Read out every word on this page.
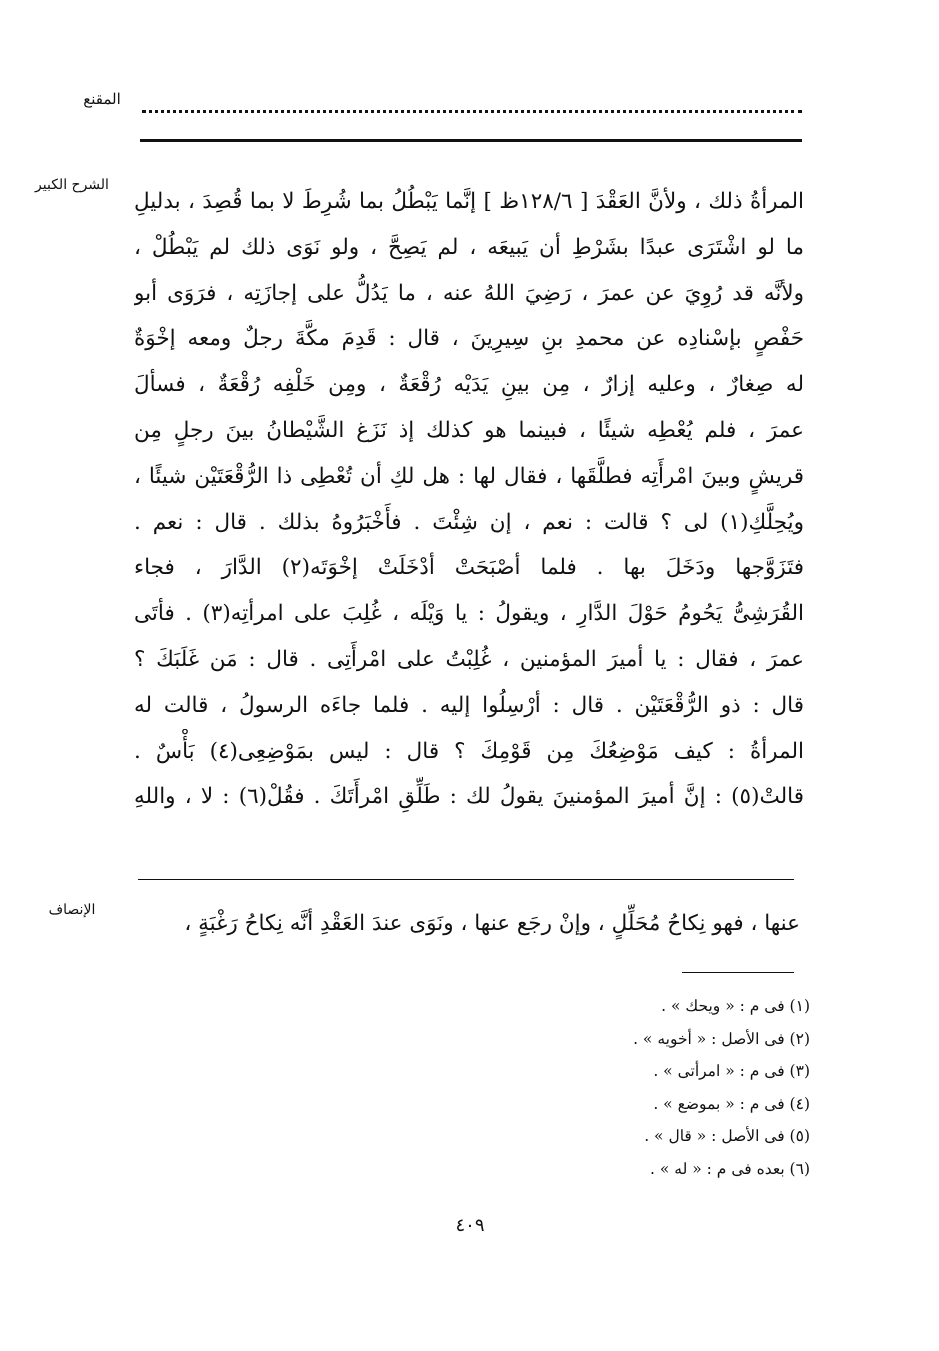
المقنع
الشرح الكبير
المرأةُ ذلك ، ولأنَّ العَقْدَ [ ١٢٨/٦ظ ] إنَّما يَبْطُلُ بما شُرِطَ لا بما قُصِدَ ، بدليلِ
ما لو اشْتَرَى عبدًا بشَرْطِ أن يَبيعَه ، لم يَصِحَّ ، ولو نَوَى ذلك لم يَبْطُلْ ،
ولأنَّه قد رُوِيَ عن عمرَ ، رَضِيَ اللهُ عنه ، ما يَدُلُّ على إجازَتِه ، فرَوَى أبو
حَفْصٍ بإسْنادِه عن محمدِ بنِ سِيرِينَ ، قال : قَدِمَ مكَّةَ رجلٌ ومعه إخْوَةٌ
له صِغارٌ ، وعليه إزارٌ ، مِن بينِ يَدَيْه رُقْعَةٌ ، ومِن خَلْفِه رُقْعَةٌ ، فسألَ
عمرَ ، فلم يُعْطِه شيئًا ، فبينما هو كذلك إذ نَزَغ الشَّيْطانُ بينَ رجلٍ مِن
قريشٍ وبينَ امْرأَتِه فطلَّقَها ، فقال لها : هل لكِ أن تُعْطِى ذا الرُّقْعَتَيْن شيئًا ،
ويُحِلَّكِ(١) لى ؟ قالت : نعم ، إن شِئْتَ . فأَخْبَرُوهُ بذلك . قال : نعم .
فتَزَوَّجها ودَخَلَ بها . فلما أصْبَحَتْ أدْخَلَتْ إخْوَتَه(٢) الدَّارَ ، فجاء
القُرَشِىُّ يَحُومُ حَوْلَ الدَّارِ ، ويقولُ : يا وَيْلَه ، غُلِبَ على امرأتِه(٣) . فأتَى
عمرَ ، فقال : يا أميرَ المؤمنين ، غُلِبْتُ على امْرأَتِى . قال : مَن غَلَبَكَ ؟
قال : ذو الرُّقْعَتَيْن . قال : أرْسِلُوا إليه . فلما جاءَه الرسولُ ، قالت له
المرأةُ : كيف مَوْضِعُكَ مِن قَوْمِكَ ؟ قال : ليس بمَوْضِعِى(٤) بَأْسٌ .
قالتْ(٥) : إنَّ أميرَ المؤمنينَ يقولُ لك : طَلِّقِ امْرأَتَكَ . فقُلْ(٦) : لا ، واللهِ
الإنصاف
عنها ، فهو نِكاحُ مُحَلِّلٍ ، وإنْ رجَع عنها ، ونَوَى عندَ العَقْدِ أنَّه نِكاحُ رَغْبَةٍ ،
(١) فى م : « ويحك » .
(٢) فى الأصل : « أخويه » .
(٣) فى م : « امرأتى » .
(٤) فى م : « بموضع » .
(٥) فى الأصل : « قال » .
(٦) بعده فى م : « له » .
٤٠٩
